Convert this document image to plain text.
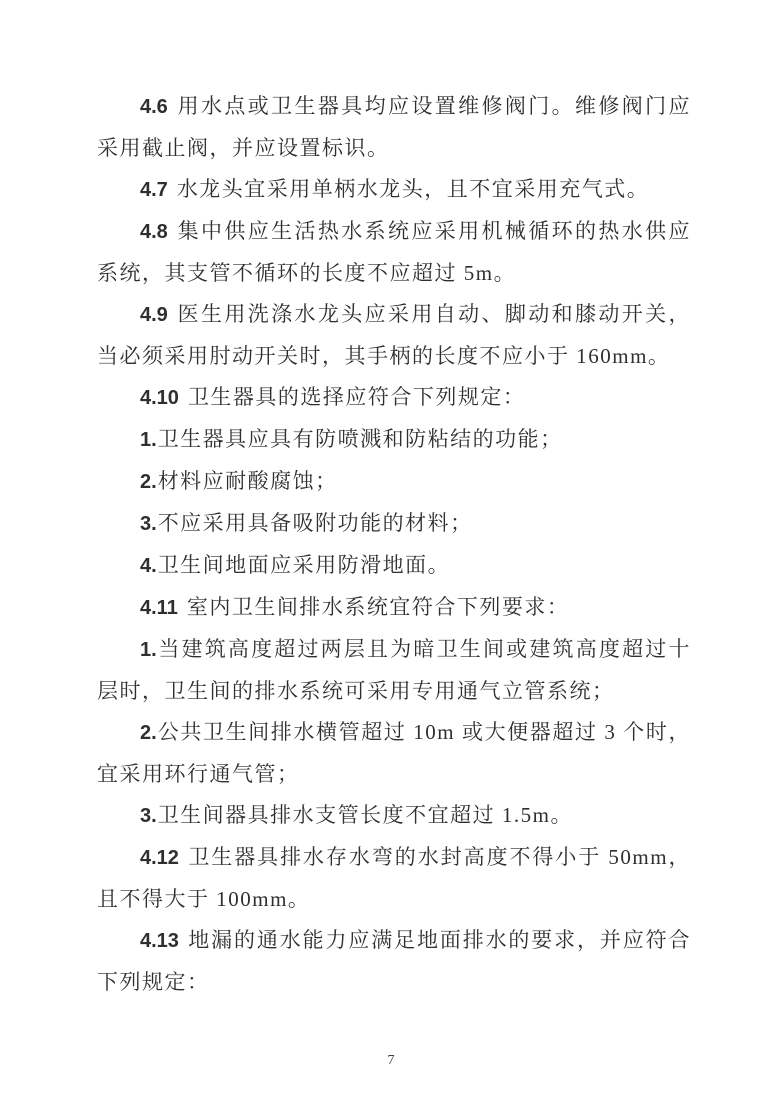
4.6 用水点或卫生器具均应设置维修阀门。维修阀门应采用截止阀，并应设置标识。

4.7 水龙头宜采用单柄水龙头，且不宜采用充气式。

4.8 集中供应生活热水系统应采用机械循环的热水供应系统，其支管不循环的长度不应超过 5m。

4.9 医生用洗涤水龙头应采用自动、脚动和膝动开关，当必须采用肘动开关时，其手柄的长度不应小于 160mm。

4.10 卫生器具的选择应符合下列规定：

1.卫生器具应具有防喷溅和防粘结的功能；

2.材料应耐酸腐蚀；

3.不应采用具备吸附功能的材料；

4.卫生间地面应采用防滑地面。

4.11 室内卫生间排水系统宜符合下列要求：

1.当建筑高度超过两层且为暗卫生间或建筑高度超过十层时，卫生间的排水系统可采用专用通气立管系统；

2.公共卫生间排水横管超过 10m 或大便器超过 3 个时，宜采用环行通气管；

3.卫生间器具排水支管长度不宜超过 1.5m。

4.12 卫生器具排水存水弯的水封高度不得小于 50mm，且不得大于 100mm。

4.13 地漏的通水能力应满足地面排水的要求，并应符合下列规定：

7
